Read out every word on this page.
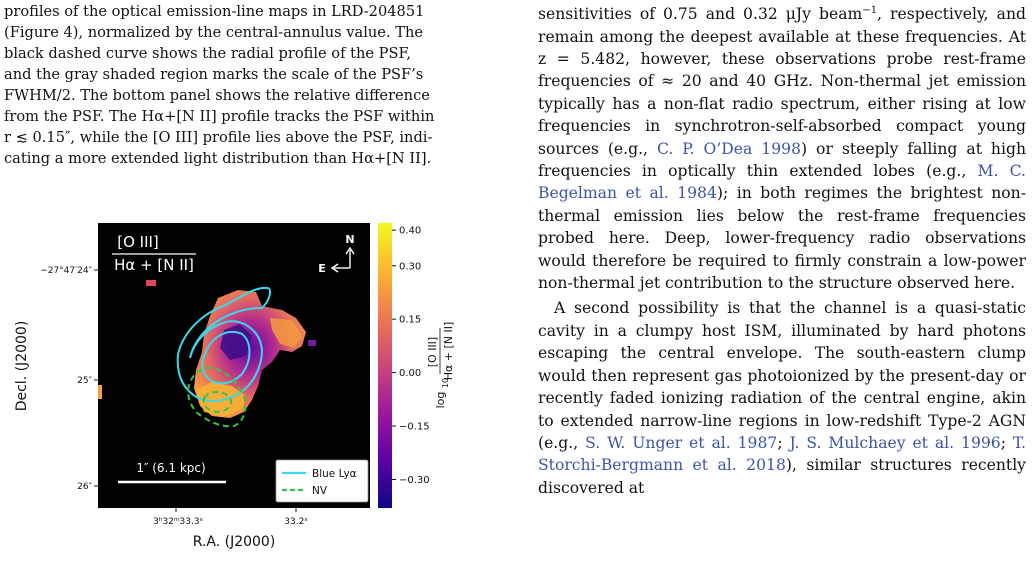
profiles of the optical emission-line maps in LRD-204851
(Figure 4), normalized by the central-annulus value. The
black dashed curve shows the radial profile of the PSF,
and the gray shaded region marks the scale of the PSF’s
FWHM/2. The bottom panel shows the relative difference
from the PSF. The Hα+[N II] profile tracks the PSF within
r ≲ 0.15″, while the [O III] profile lies above the PSF, indi-
cating a more extended light distribution than Hα+[N II].
[O III]
Hα + [N II]
N
E
1″ (6.1 kpc)	Blue Lyα
NV
−27°47′24″
25″
26″
Decl. (J2000)
3ʰ32ᵐ33.3ˢ	33.2ˢ
R.A. (J2000)
0.40
0.30
0.15
0.00
−0.15
−0.30
log
10
[O III] Hα + [N II]

sensitivities of 0.75 and 0.32 μJy beam$^{-1}$, respectively, and remain among the deepest available at these frequencies. At z = 5.482, however, these observations probe rest-frame frequencies of ≈ 20 and 40 GHz. Non-thermal jet emission typically has a non-flat radio spectrum, either rising at low frequencies in synchrotron-self-absorbed compact young sources (e.g., C. P. O’Dea 1998) or steeply falling at high frequencies in optically thin extended lobes (e.g., M. C. Begelman et al. 1984); in both regimes the brightest non-thermal emission lies below the rest-frame frequencies probed here. Deep, lower-frequency radio observations would therefore be required to firmly constrain a low-power non-thermal jet contribution to the structure observed here.

A second possibility is that the channel is a quasi-static cavity in a clumpy host ISM, illuminated by hard photons escaping the central envelope. The south-eastern clump would then represent gas photoionized by the present-day or recently faded ionizing radiation of the central engine, akin to extended narrow-line regions in low-redshift Type-2 AGN (e.g., S. W. Unger et al. 1987; J. S. Mulchaey et al. 1996; T. Storchi-Bergmann et al. 2018), similar structures recently discovered at
